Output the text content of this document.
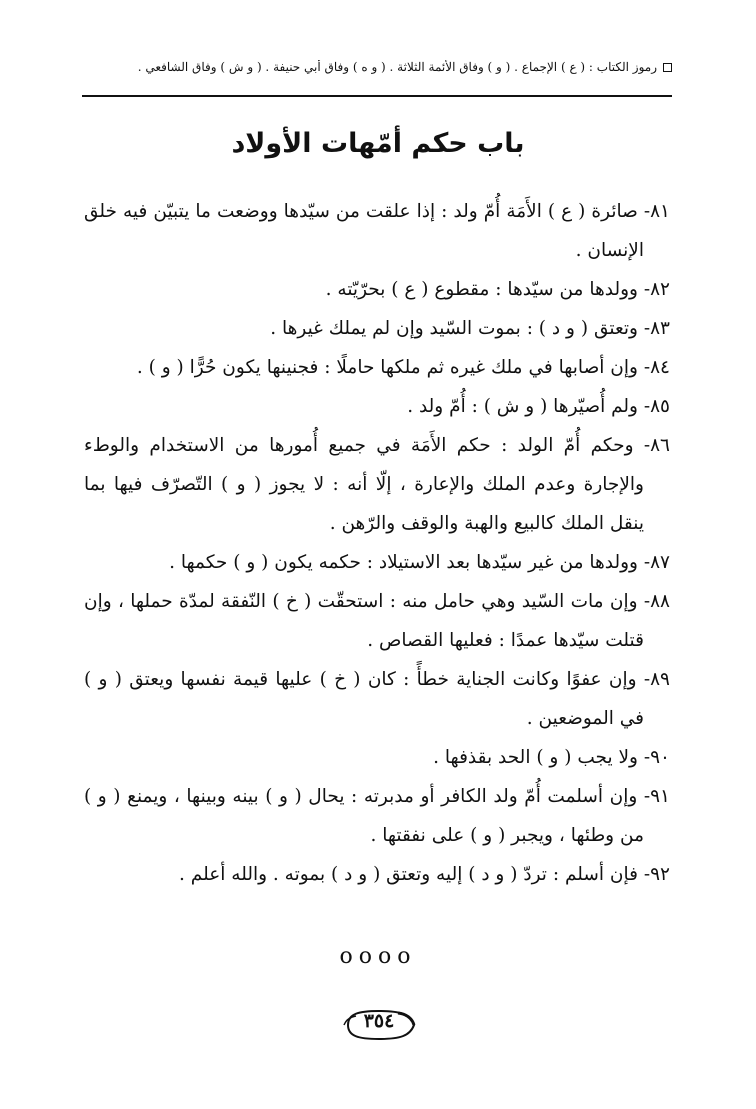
رموز الكتاب : ( ع ) الإجماع . ( و ) وفاق الأئمة الثلاثة . ( و ه ) وفاق أبي حنيفة . ( و ش ) وفاق الشافعي .
باب حكم أمّهات الأولاد

٨١- صائرة ( ع ) الأَمَة أُمّ ولد : إذا علقت من سيّدها ووضعت ما يتبيّن فيه خلق الإنسان .

٨٢- وولدها من سيّدها : مقطوع ( ع ) بحرّيّته .

٨٣- وتعتق ( و د ) : بموت السّيد وإن لم يملك غيرها .

٨٤- وإن أصابها في ملك غيره ثم ملكها حاملًا : فجنينها يكون حُرًّا ( و ) .

٨٥- ولم أُصيّرها ( و ش ) : أُمّ ولد .

٨٦- وحكم أُمّ الولد : حكم الأَمَة في جميع أُمورها من الاستخدام والوطء والإجارة وعدم الملك والإعارة ، إلّا أنه : لا يجوز ( و ) التّصرّف فيها بما ينقل الملك كالبيع والهبة والوقف والرّهن .

٨٧- وولدها من غير سيّدها بعد الاستيلاد : حكمه يكون ( و ) حكمها .

٨٨- وإن مات السّيد وهي حامل منه : استحقّت ( خ ) النّفقة لمدّة حملها ، وإن قتلت سيّدها عمدًا : فعليها القصاص .

٨٩- وإن عفوًا وكانت الجناية خطأً : كان ( خ ) عليها قيمة نفسها ويعتق ( و ) في الموضعين .

٩٠- ولا يجب ( و ) الحد بقذفها .

٩١- وإن أسلمت أُمّ ولد الكافر أو مدبرته : يحال ( و ) بينه وبينها ، ويمنع ( و ) من وطئها ، ويجبر ( و ) على نفقتها .

٩٢- فإن أسلم : تردّ ( و د ) إليه وتعتق ( و د ) بموته . والله أعلم .

oooo
٣٥٤
